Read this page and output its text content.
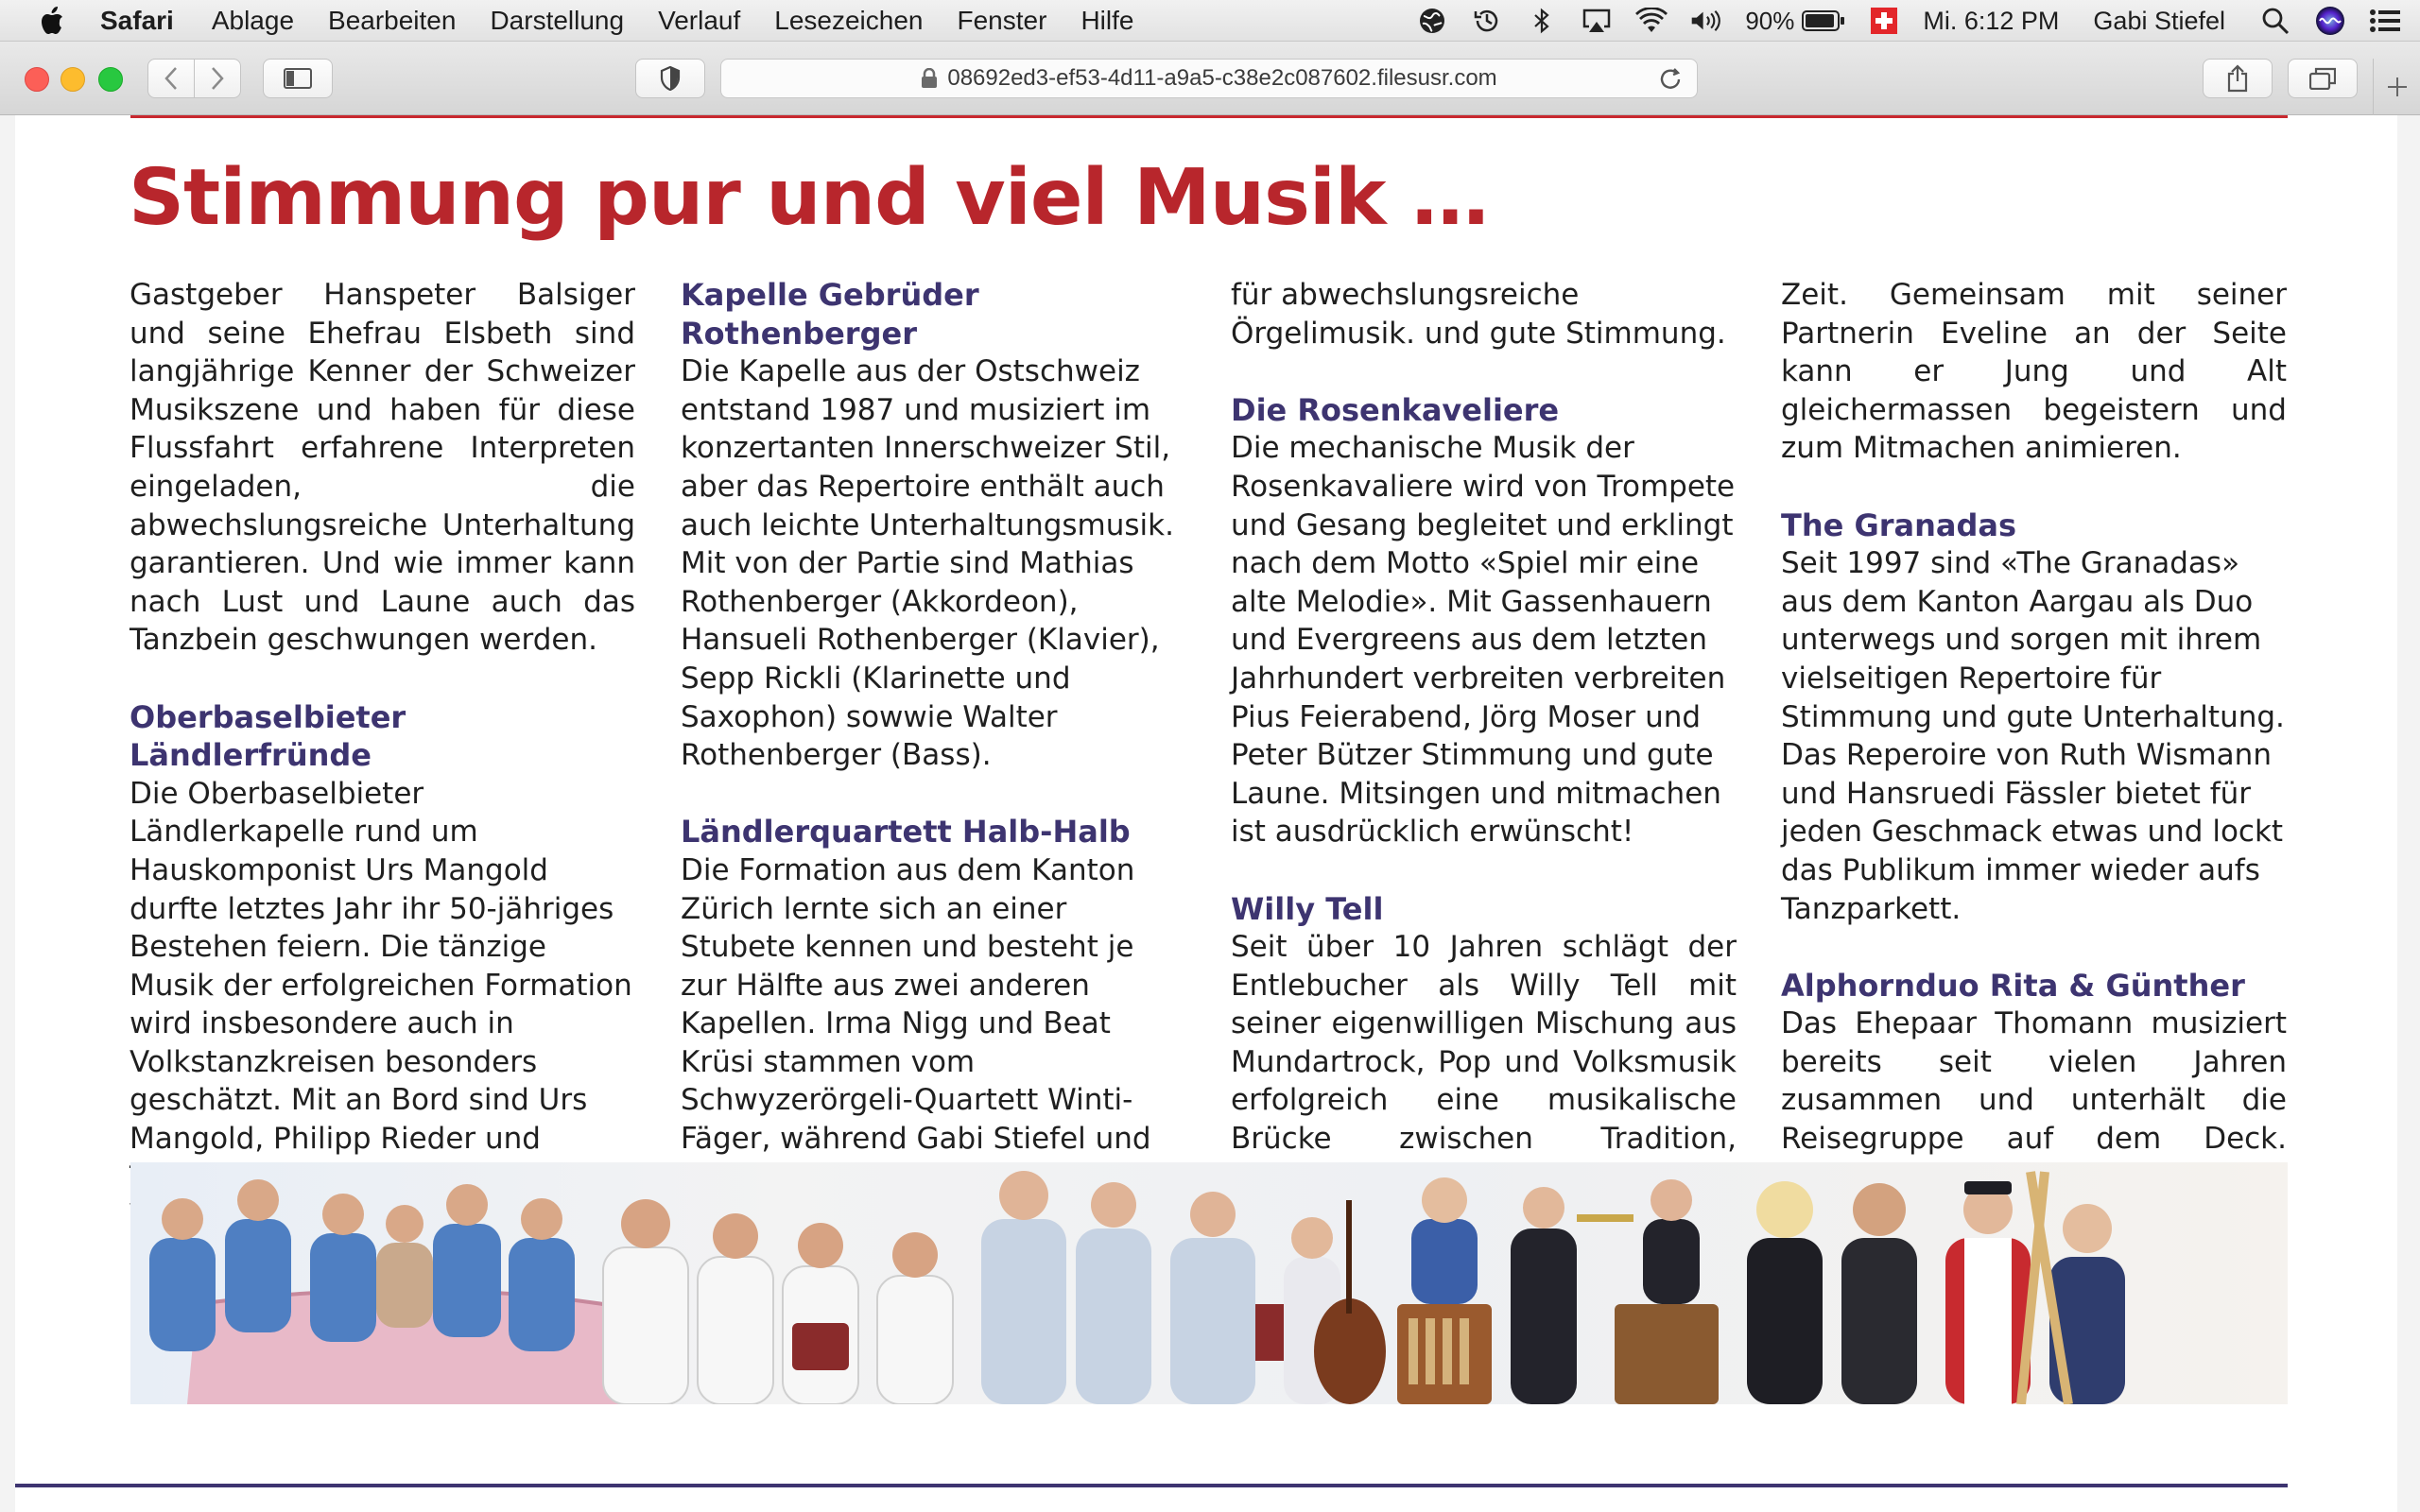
Safari Ablage Bearbeiten Darstellung Verlauf Lesezeichen Fenster Hilfe	90%	Mi. 6:12 PM Gabi Stiefel
08692ed3-ef53-4d11-a9a5-c38e2c087602.filesusr.com
Stimmung pur und viel Musik …

Gastgeber Hanspeter Balsiger und seine Ehefrau Elsbeth sind langjährige Kenner der Schweizer Musikszene und haben für diese Flussfahrt erfahrene Interpreten eingeladen, die abwechslungsreiche Unterhaltung garantieren. Und wie immer kann nach Lust und Laune auch das Tanzbein geschwungen werden.

Oberbaselbieter Ländlerfründe

Die Oberbaselbieter Ländlerkapelle rund um Hauskomponist Urs Mangold durfte letztes Jahr ihr 50-jähriges Bestehen feiern. Die tänzige Musik der erfolgreichen Formation wird insbesondere auch in Volkstanzkreisen besonders geschätzt. Mit an Bord sind Urs Mangold, Philipp Rieder und

Kapelle Gebrüder Rothenberger

Die Kapelle aus der Ostschweiz entstand 1987 und musiziert im konzertanten Innerschweizer Stil, aber das Repertoire enthält auch auch leichte Unterhaltungsmusik. Mit von der Partie sind Mathias Rothenberger (Akkordeon), Hansueli Rothenberger (Klavier), Sepp Rickli (Klarinette und Saxophon) sowwie Walter Rothenberger (Bass).

Ländlerquartett Halb-Halb

Die Formation aus dem Kanton Zürich lernte sich an einer Stubete kennen und besteht je zur Hälfte aus zwei anderen Kapellen. Irma Nigg und Beat Krüsi stammen vom Schwyzerörgeli-Quartett Winti-Fäger, während Gabi Stiefel und

für abwechslungsreiche Örgelimusik. und gute Stimmung.

Die Rosenkaveliere

Die mechanische Musik der Rosenkavaliere wird von Trompete und Gesang begleitet und erklingt nach dem Motto «Spiel mir eine alte Melodie». Mit Gassenhauern und Evergreens aus dem letzten Jahrhundert verbreiten verbreiten Pius Feierabend, Jörg Moser und Peter Bützer Stimmung und gute Laune. Mitsingen und mitmachen ist ausdrücklich erwünscht!

Willy Tell

Seit über 10 Jahren schlägt der Entlebucher als Willy Tell mit seiner eigenwilligen Mischung aus Mundartrock, Pop und Volksmusik erfolgreich eine musikalische Brücke zwischen Tradition,

Zeit. Gemeinsam mit seiner Partnerin Eveline an der Seite kann er Jung und Alt gleichermassen begeistern und zum Mitmachen animieren.

The Granadas

Seit 1997 sind «The Granadas» aus dem Kanton Aargau als Duo unterwegs und sorgen mit ihrem vielseitigen Repertoire für Stimmung und gute Unterhaltung. Das Reperoire von Ruth Wismann und Hansruedi Fässler bietet für jeden Geschmack etwas und lockt das Publikum immer wieder aufs Tanzparkett.

Alphornduo Rita & Günther

Das Ehepaar Thomann musiziert bereits seit vielen Jahren zusammen und unterhält die Reisegruppe auf dem Deck.
